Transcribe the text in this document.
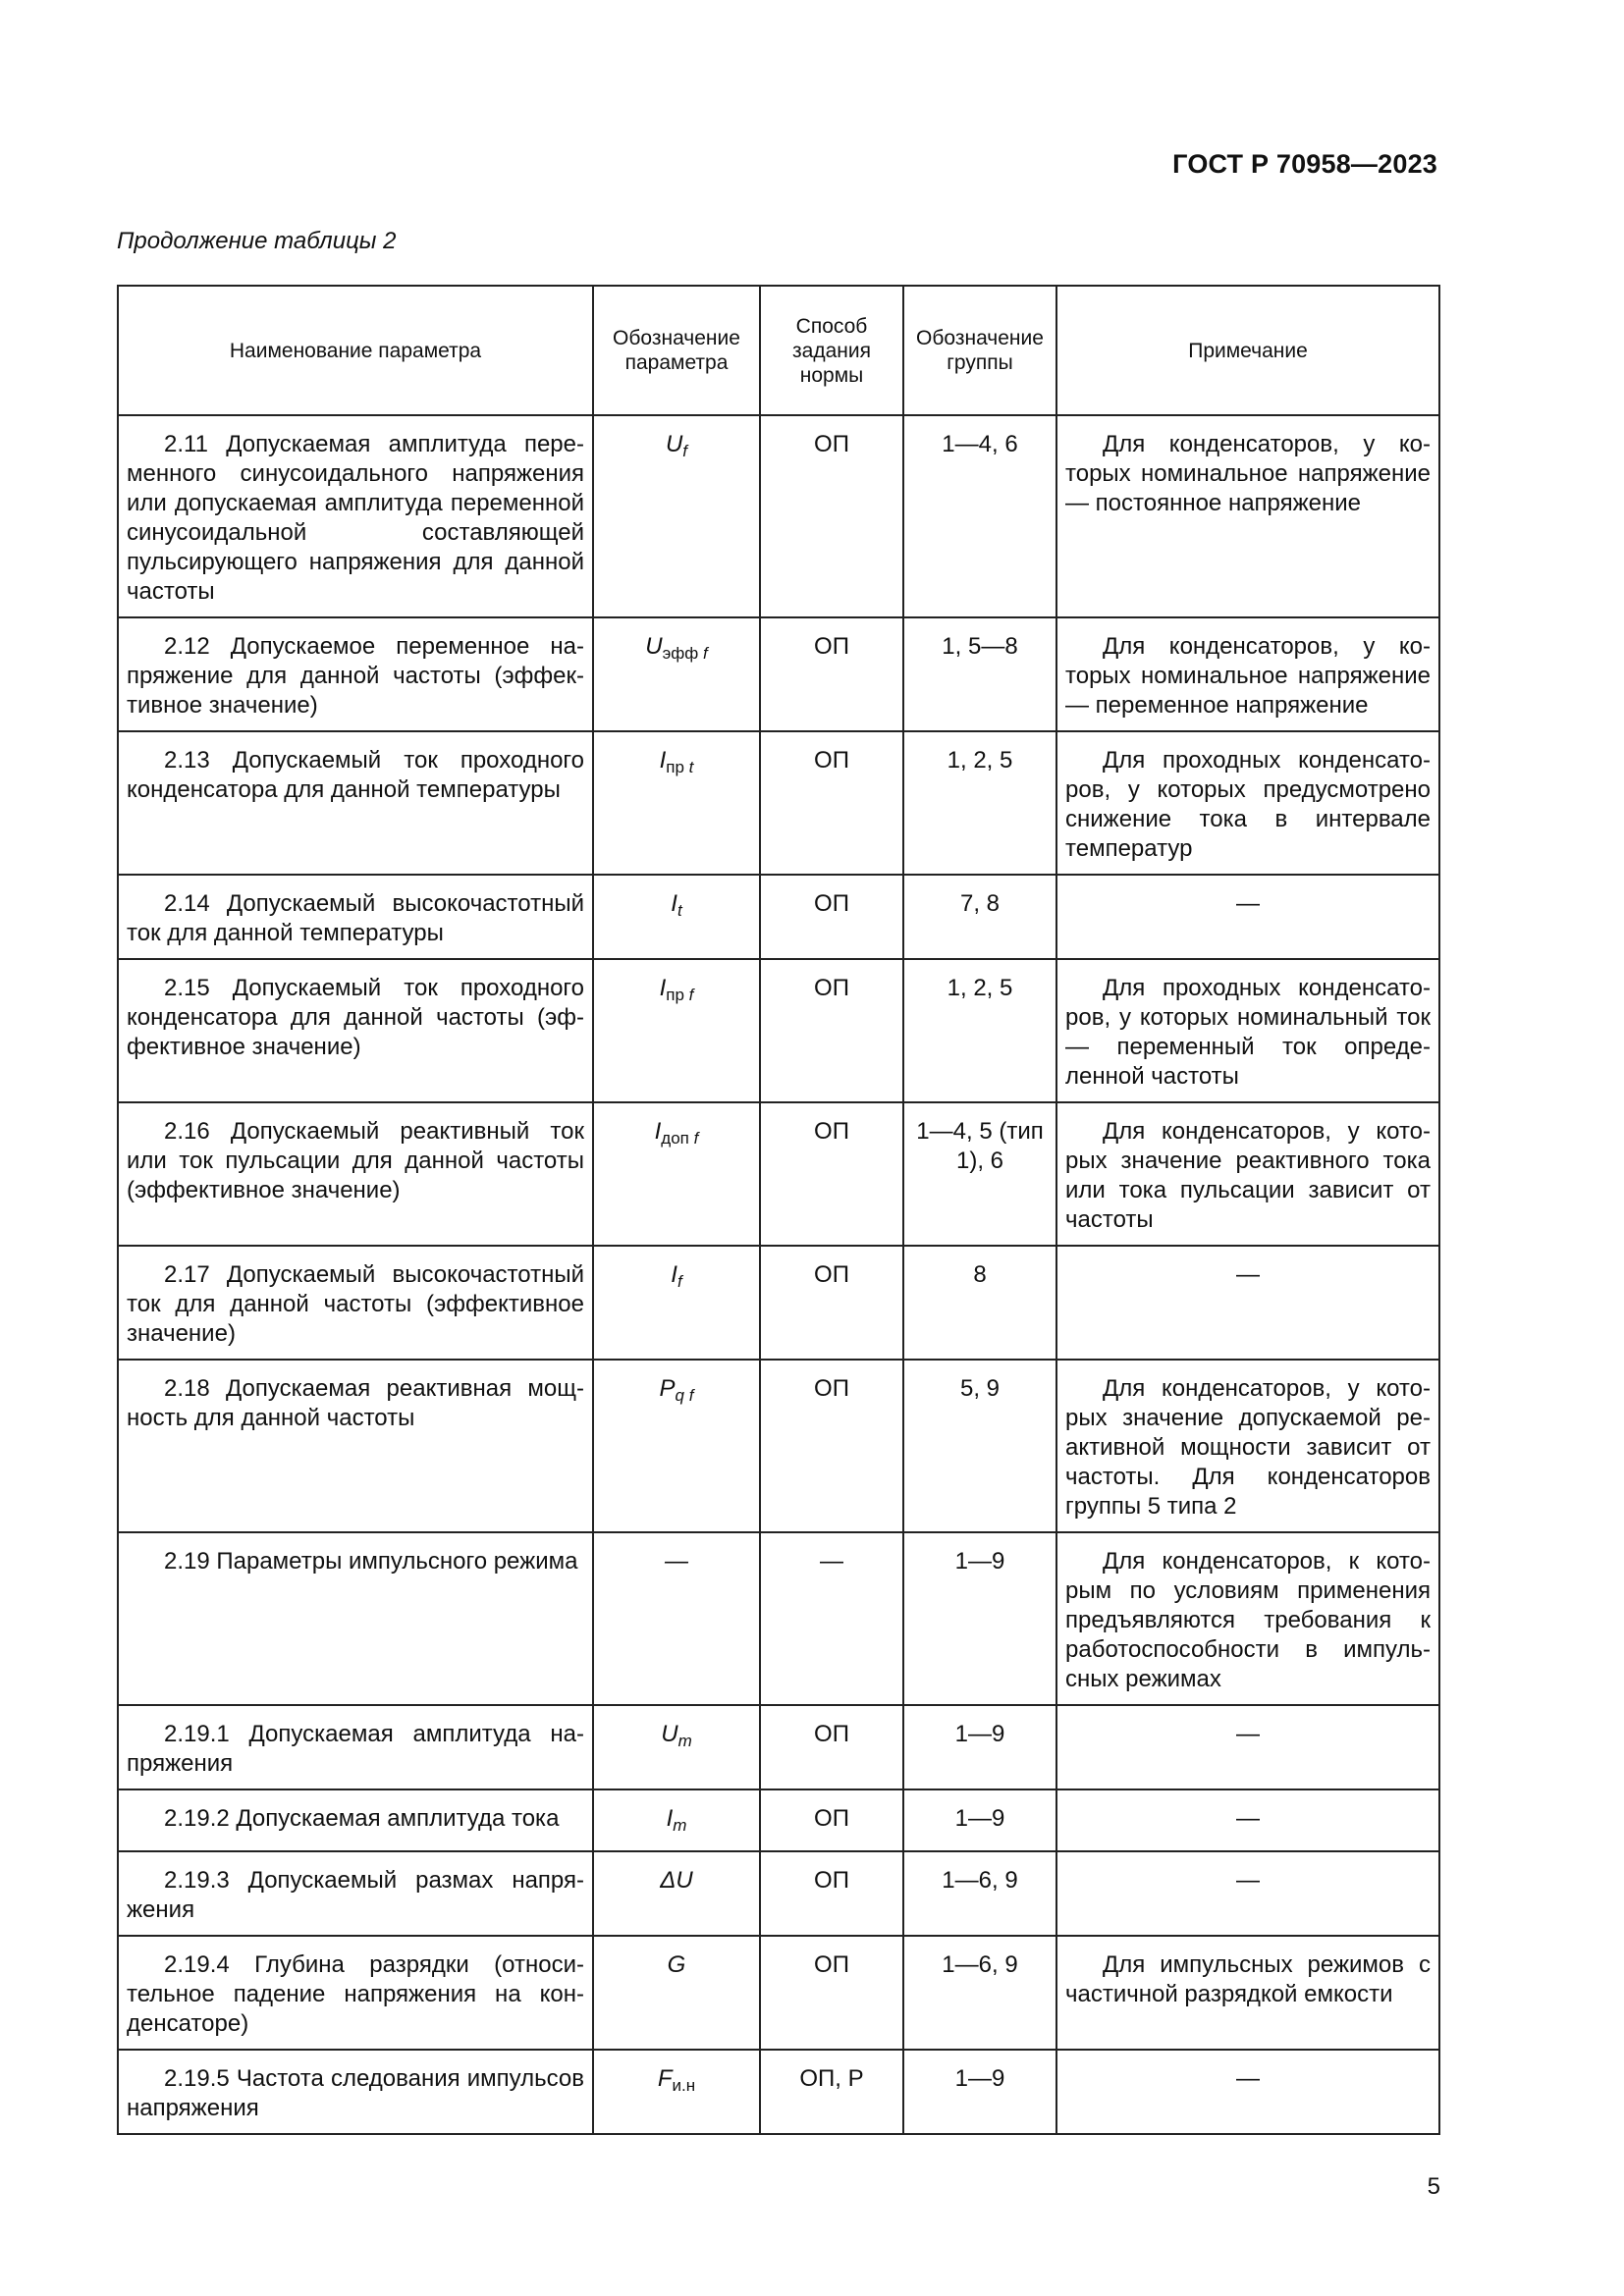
ГОСТ Р 70958—2023
Продолжение таблицы 2
Наименование параметра	Обозначение параметра	Способ задания нормы	Обозначение группы	Примечание
2.11 Допускаемая амплитуда переменного синусоидального напряжения или допускаемая амплитуда переменной синусоидальной составляющей пульсирующего напряжения для данной частоты	$U_f$	ОП	1—4, 6	Для конденсаторов, у которых номинальное напряжение — постоянное напряжение
2.12 Допускаемое переменное напряжение для данной частоты (эффективное значение)	$U_{эфф f}$	ОП	1, 5—8	Для конденсаторов, у которых номинальное напряжение — переменное напряжение
2.13 Допускаемый ток проходного конденсатора для данной температуры	$I_{пр t}$	ОП	1, 2, 5	Для проходных конденсаторов, у которых предусмотрено снижение тока в интервале температур
2.14 Допускаемый высокочастотный ток для данной температуры	$I_t$	ОП	7, 8	—
2.15 Допускаемый ток проходного конденсатора для данной частоты (эффективное значение)	$I_{пр f}$	ОП	1, 2, 5	Для проходных конденсаторов, у которых номинальный ток — переменный ток определенной частоты
2.16 Допускаемый реактивный ток или ток пульсации для данной частоты (эффективное значение)	$I_{доп f}$	ОП	1—4, 5 (тип 1), 6	Для конденсаторов, у которых значение реактивного тока или тока пульсации зависит от частоты
2.17 Допускаемый высокочастотный ток для данной частоты (эффективное значение)	$I_f$	ОП	8	—
2.18 Допускаемая реактивная мощность для данной частоты	$P_{q f}$	ОП	5, 9	Для конденсаторов, у которых значение допускаемой реактивной мощности зависит от частоты. Для конденсаторов группы 5 типа 2
2.19 Параметры импульсного режима	—	—	1—9	Для конденсаторов, к которым по условиям применения предъявляются требования к работоспособности в импульсных режимах
2.19.1 Допускаемая амплитуда напряжения	$U_m$	ОП	1—9	—
2.19.2 Допускаемая амплитуда тока	$I_m$	ОП	1—9	—
2.19.3 Допускаемый размах напряжения	ΔU	ОП	1—6, 9	—
2.19.4 Глубина разрядки (относительное падение напряжения на конденсаторе)	G	ОП	1—6, 9	Для импульсных режимов с частичной разрядкой емкости
2.19.5 Частота следования импульсов напряжения	$F_{и.н}$	ОП, Р	1—9	—
5
